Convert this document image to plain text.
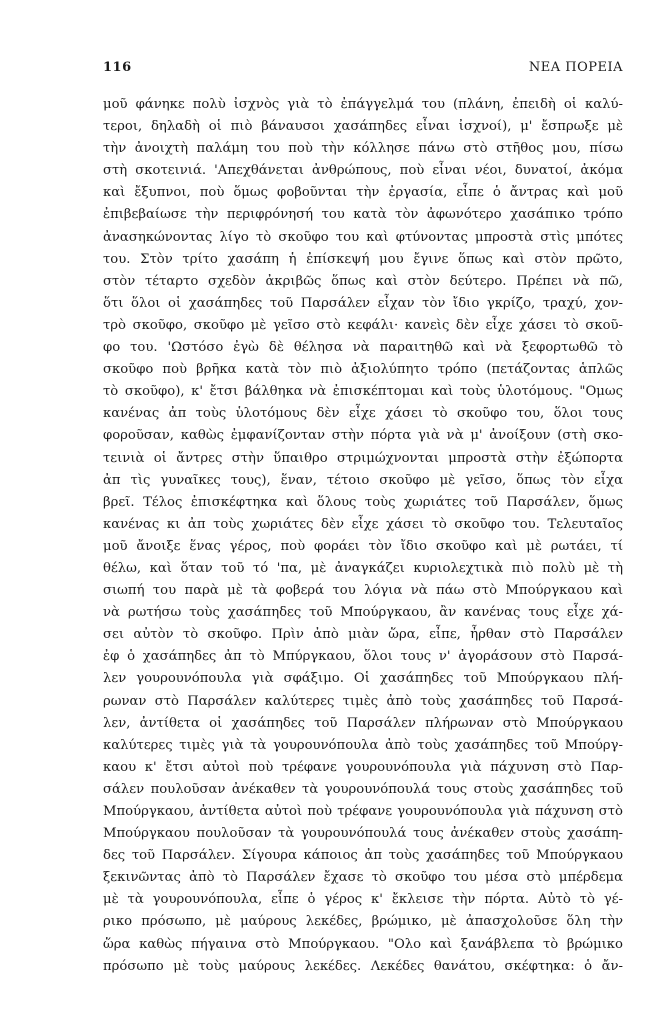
116	ΝΕΑ ΠΟΡΕΙΑ
μοῦ φάνηκε πολὺ ἰσχνὸς γιὰ τὸ ἐπάγγελμά του (πλάνη, ἐπειδὴ οἱ καλύ-
τεροι, δηλαδὴ οἱ πιὸ βάναυσοι χασάπηδες εἶναι ἰσχνοί), μ' ἔσπρωξε μὲ
τὴν ἀνοιχτὴ παλάμη του ποὺ τὴν κόλλησε πάνω στὸ στῆθος μου, πίσω
στὴ σκοτεινιά. 'Απεχθάνεται ἀνθρώπους, ποὺ εἶναι νέοι, δυνατοί, ἀκόμα
καὶ ἔξυπνοι, ποὺ ὅμως φοβοῦνται τὴν ἐργασία, εἶπε ὁ ἄντρας καὶ μοῦ
ἐπιβεβαίωσε τὴν περιφρόνησή του κατὰ τὸν ἀφωνότερο χασάπικο τρόπο
ἀνασηκώνοντας λίγο τὸ σκοῦφο του καὶ φτύνοντας μπροστὰ στὶς μπότες
του. Στὸν τρίτο χασάπη ἡ ἐπίσκεψή μου ἔγινε ὅπως καὶ στὸν πρῶτο,
στὸν τέταρτο σχεδὸν ἀκριβῶς ὅπως καὶ στὸν δεύτερο. Πρέπει νὰ πῶ,
ὅτι ὅλοι οἱ χασάπηδες τοῦ Παρσάλεν εἶχαν τὸν ἴδιο γκρίζο, τραχύ, χον-
τρὸ σκοῦφο, σκοῦφο μὲ γεῖσο στὸ κεφάλι· κανεὶς δὲν εἶχε χάσει τὸ σκοῦ-
φο του. 'Ωστόσο ἐγὼ δὲ θέλησα νὰ παραιτηθῶ καὶ νὰ ξεφορτωθῶ τὸ
σκοῦφο ποὺ βρῆκα κατὰ τὸν πιὸ ἀξιολύπητο τρόπο (πετάζοντας ἁπλῶς
τὸ σκοῦφο), κ' ἔτσι βάλθηκα νὰ ἐπισκέπτομαι καὶ τοὺς ὑλοτόμους. "Ομως
κανένας ἀπ τοὺς ὑλοτόμους δὲν εἶχε χάσει τὸ σκοῦφο του, ὅλοι τους
φοροῦσαν, καθὼς ἐμφανίζονταν στὴν πόρτα γιὰ νὰ μ' ἀνοίξουν (στὴ σκο-
τεινιὰ οἱ ἄντρες στὴν ὕπαιθρο στριμώχνονται μπροστὰ στὴν ἐξώπορτα
ἀπ τὶς γυναῖκες τους), ἕναν, τέτοιο σκοῦφο μὲ γεῖσο, ὅπως τὸν εἶχα
βρεῖ. Τέλος ἐπισκέφτηκα καὶ ὅλους τοὺς χωριάτες τοῦ Παρσάλεν, ὅμως
κανένας κι ἀπ τοὺς χωριάτες δὲν εἶχε χάσει τὸ σκοῦφο του. Τελευταῖος
μοῦ ἄνοιξε ἕνας γέρος, ποὺ φοράει τὸν ἴδιο σκοῦφο καὶ μὲ ρωτάει, τί
θέλω, καὶ ὅταν τοῦ τό 'πα, μὲ ἀναγκάζει κυριολεχτικὰ πιὸ πολὺ μὲ τὴ
σιωπή του παρὰ μὲ τὰ φοβερά του λόγια νὰ πάω στὸ Μπούργκαου καὶ
νὰ ρωτήσω τοὺς χασάπηδες τοῦ Μπούργκαου, ἂν κανένας τους εἶχε χά-
σει αὐτὸν τὸ σκοῦφο. Πρὶν ἀπὸ μιὰν ὥρα, εἶπε, ἦρθαν στὸ Παρσάλεν
ἐφ ὁ χασάπηδες ἀπ τὸ Μπύργκαου, ὅλοι τους ν' ἀγοράσουν στὸ Παρσά-
λεν γουρουνόπουλα γιὰ σφάξιμο. Οἱ χασάπηδες τοῦ Μπούργκαου πλή-
ρωναν στὸ Παρσάλεν καλύτερες τιμὲς ἀπὸ τοὺς χασάπηδες τοῦ Παρσά-
λεν, ἀντίθετα οἱ χασάπηδες τοῦ Παρσάλεν πλήρωναν στὸ Μπούργκαου
καλύτερες τιμὲς γιὰ τὰ γουρουνόπουλα ἀπὸ τοὺς χασάπηδες τοῦ Μπούργ-
καου κ' ἔτσι αὐτοὶ ποὺ τρέφανε γουρουνόπουλα γιὰ πάχυνση στὸ Παρ-
σάλεν πουλοῦσαν ἀνέκαθεν τὰ γουρουνόπουλά τους στοὺς χασάπηδες τοῦ
Μπούργκαου, ἀντίθετα αὐτοὶ ποὺ τρέφανε γουρουνόπουλα γιὰ πάχυνση στὸ
Μπούργκαου πουλοῦσαν τὰ γουρουνόπουλά τους ἀνέκαθεν στοὺς χασάπη-
δες τοῦ Παρσάλεν. Σίγουρα κάποιος ἀπ τοὺς χασάπηδες τοῦ Μπούργκαου
ξεκινῶντας ἀπὸ τὸ Παρσάλεν ἔχασε τὸ σκοῦφο του μέσα στὸ μπέρδεμα
μὲ τὰ γουρουνόπουλα, εἶπε ὁ γέρος κ' ἔκλεισε τὴν πόρτα. Αὐτὸ τὸ γέ-
ρικο πρόσωπο, μὲ μαύρους λεκέδες, βρώμικο, μὲ ἀπασχολοῦσε ὅλη τὴν
ὥρα καθὼς πήγαινα στὸ Μπούργκαου. "Ολο καὶ ξανάβλεπα τὸ βρώμικο
πρόσωπο μὲ τοὺς μαύρους λεκέδες. Λεκέδες θανάτου, σκέφτηκα: ὁ ἄν-
